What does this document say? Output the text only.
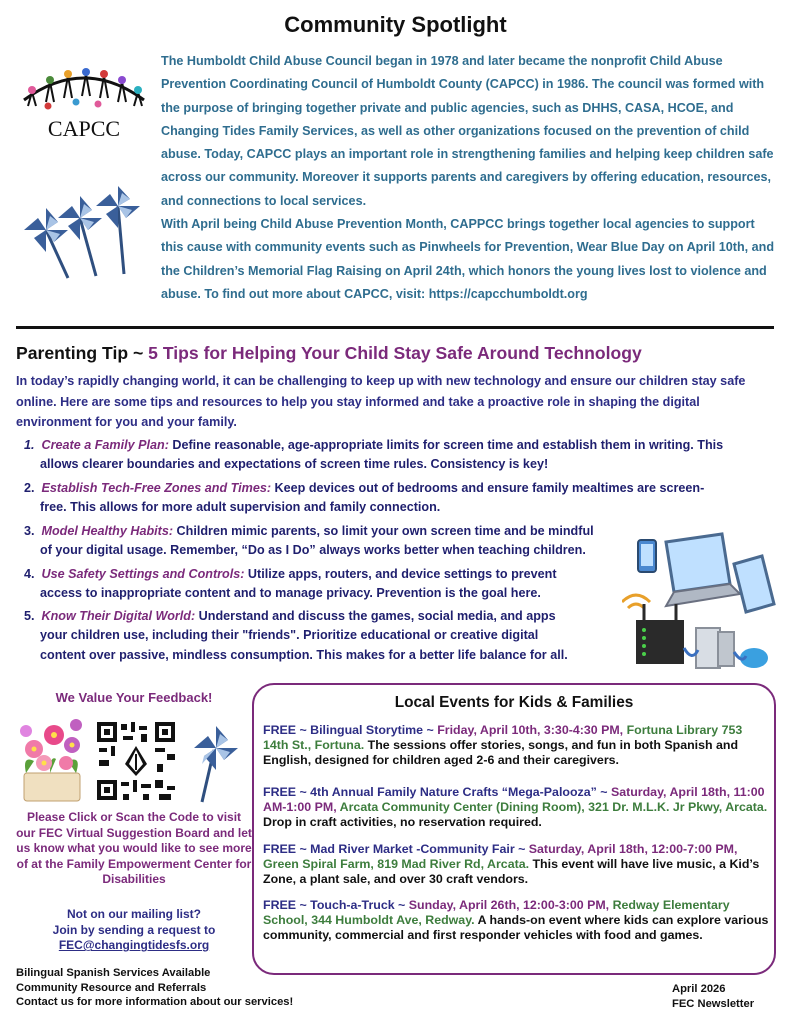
Community Spotlight
CAPCC

The Humboldt Child Abuse Council began in 1978 and later became the nonprofit Child Abuse Prevention Coordinating Council of Humboldt County (CAPCC) in 1986. The council was formed with the purpose of bringing together private and public agencies, such as DHHS, CASA, HCOE, and Changing Tides Family Services, as well as other organizations focused on the prevention of child abuse. Today, CAPCC plays an important role in strengthening families and helping keep children safe across our community. Moreover it supports parents and caregivers by offering education, resources, and connections to local services.

With April being Child Abuse Prevention Month, CAPPCC brings together local agencies to support this cause with community events such as Pinwheels for Prevention, Wear Blue Day on April 10th, and the Children’s Memorial Flag Raising on April 24th, which honors the young lives lost to violence and abuse. To find out more about CAPCC, visit: https://capcchumboldt.org

Parenting Tip ~ 5 Tips for Helping Your Child Stay Safe Around Technology
In today’s rapidly changing world, it can be challenging to keep up with new technology and ensure our children stay safe online. Here are some tips and resources to help you stay informed and take a proactive role in shaping the digital environment for you and your family.
1. Create a Family Plan: Define reasonable, age-appropriate limits for screen time and establish them in writing. This
allows clearer boundaries and expectations of screen time rules. Consistency is key!
2. Establish Tech-Free Zones and Times: Keep devices out of bedrooms and ensure family mealtimes are screen-
free. This allows for more adult supervision and family connection.
3. Model Healthy Habits: Children mimic parents, so limit your own screen time and be mindful
of your digital usage. Remember, “Do as I Do” always works better when teaching children.
4. Use Safety Settings and Controls: Utilize apps, routers, and device settings to prevent
access to inappropriate content and to manage privacy. Prevention is the goal here.
5. Know Their Digital World: Understand and discuss the games, social media, and apps
your children use, including their "friends". Prioritize educational or creative digital
content over passive, mindless consumption. This makes for a better life balance for all.
We Value Your Feedback!
Please Click or Scan the Code to visit our FEC Virtual Suggestion Board and let us know what you would like to see more of at the Family Empowerment Center for Disabilities
Not on our mailing list?
Join by sending a request to
FEC@changingtidesfs.org
Local Events for Kids & Families
FREE ~ Bilingual Storytime ~ Friday, April 10th, 3:30-4:30 PM, Fortuna Library 753 14th St., Fortuna. The sessions offer stories, songs, and fun in both Spanish and English, designed for children aged 2-6 and their caregivers.
FREE ~ 4th Annual Family Nature Crafts “Mega-Palooza” ~ Saturday, April 18th, 11:00 AM-1:00 PM, Arcata Community Center (Dining Room), 321 Dr. M.L.K. Jr Pkwy, Arcata. Drop in craft activities, no reservation required.
FREE ~ Mad River Market -Community Fair ~ Saturday, April 18th, 12:00-7:00 PM, Green Spiral Farm, 819 Mad River Rd, Arcata. This event will have live music, a Kid’s Zone, a plant sale, and over 30 craft vendors.
FREE ~ Touch-a-Truck ~ Sunday, April 26th, 12:00-3:00 PM, Redway Elementary School, 344 Humboldt Ave, Redway. A hands-on event where kids can explore various community, commercial and first responder vehicles with food and games.
Bilingual Spanish Services Available
Community Resource and Referrals
Contact us for more information about our services!
April 2026
FEC Newsletter
